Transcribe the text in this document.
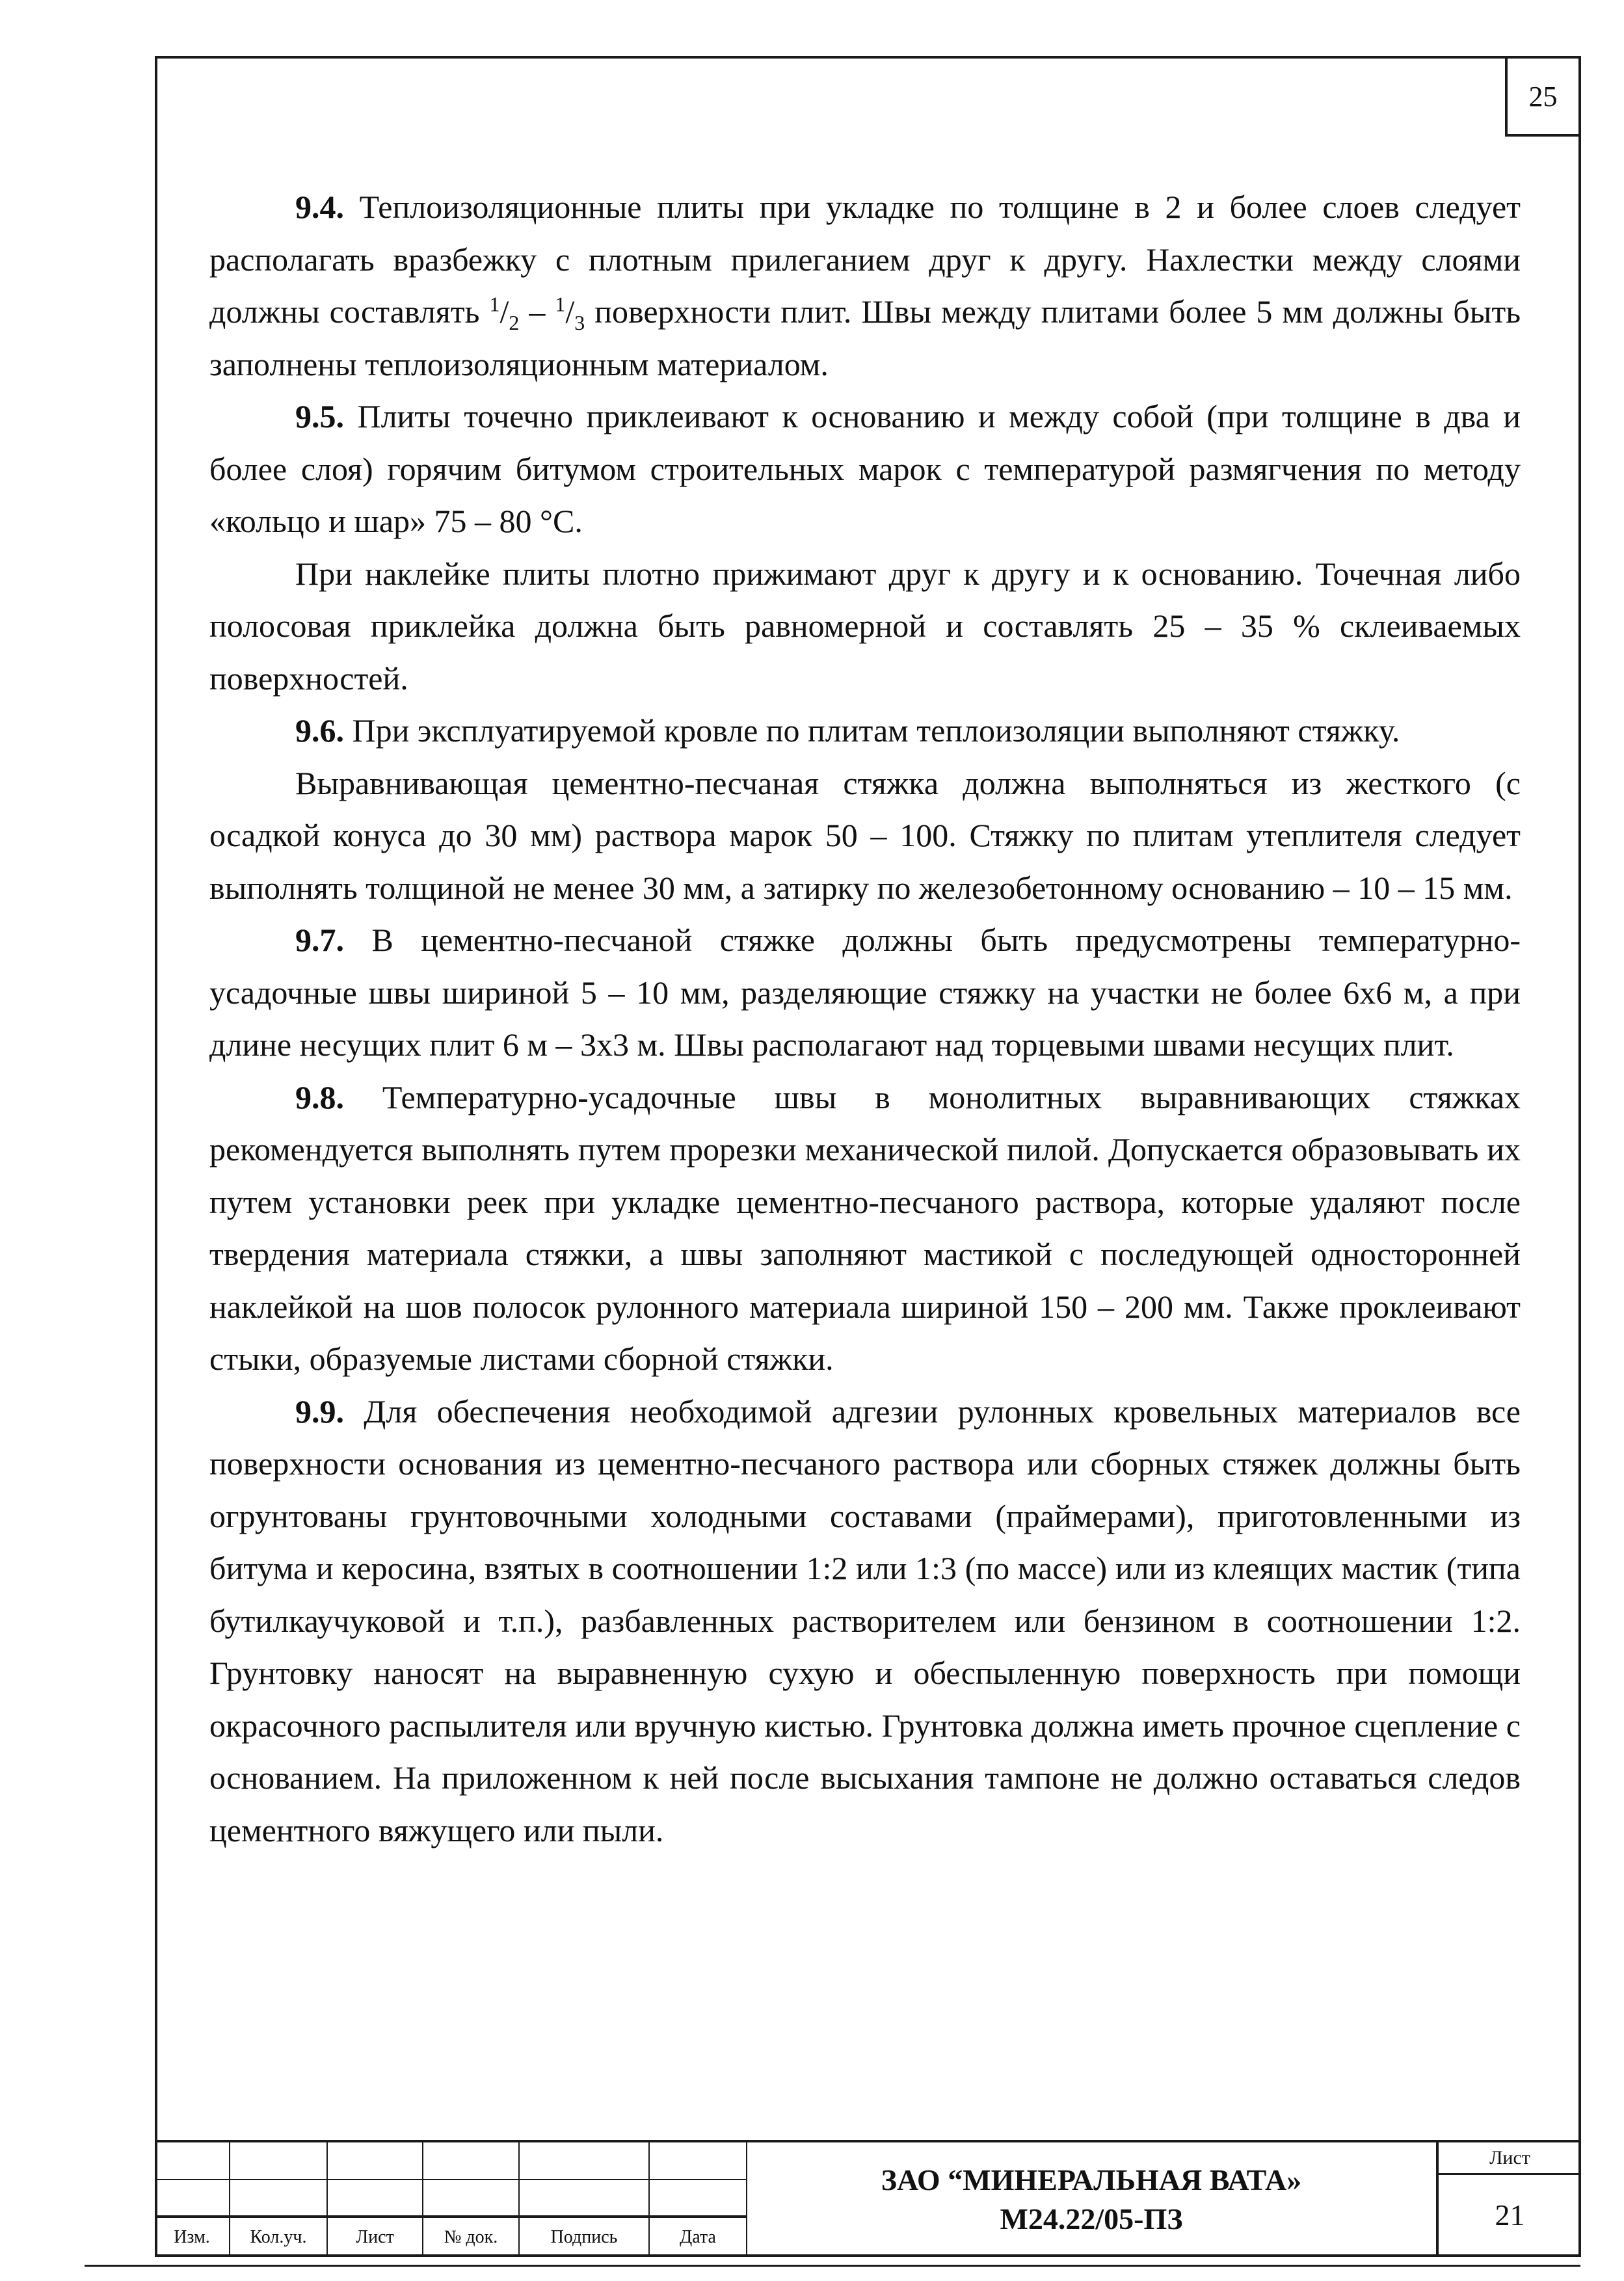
25

9.4. Теплоизоляционные плиты при укладке по толщине в 2 и более слоев следует располагать вразбежку с плотным прилеганием друг к другу. Нахлестки между слоями должны составлять $^1/_2 - ^1/_3$ поверхности плит. Швы между плитами более 5 мм должны быть заполнены теплоизоляционным материалом.

9.5. Плиты точечно приклеивают к основанию и между собой (при толщине в два и более слоя) горячим битумом строительных марок с температурой размягчения по методу «кольцо и шар» 75 – 80 °С.

При наклейке плиты плотно прижимают друг к другу и к основанию. Точечная либо полосовая приклейка должна быть равномерной и составлять 25 – 35 % склеиваемых поверхностей.

9.6. При эксплуатируемой кровле по плитам теплоизоляции выполняют стяжку.

Выравнивающая цементно-песчаная стяжка должна выполняться из жесткого (с осадкой конуса до 30 мм) раствора марок 50 – 100. Стяжку по плитам утеплителя следует выполнять толщиной не менее 30 мм, а затирку по железобетонному основанию – 10 – 15 мм.

9.7. В цементно-песчаной стяжке должны быть предусмотрены температурно-усадочные швы шириной 5 – 10 мм, разделяющие стяжку на участки не более 6х6 м, а при длине несущих плит 6 м – 3х3 м. Швы располагают над торцевыми швами несущих плит.

9.8. Температурно-усадочные швы в монолитных выравнивающих стяжках рекомендуется выполнять путем прорезки механической пилой. Допускается образовывать их путем установки реек при укладке цементно-песчаного раствора, которые удаляют после твердения материала стяжки, а швы заполняют мастикой с последующей односторонней наклейкой на шов полосок рулонного материала шириной 150 – 200 мм. Также проклеивают стыки, образуемые листами сборной стяжки.

9.9. Для обеспечения необходимой адгезии рулонных кровельных материалов все поверхности основания из цементно-песчаного раствора или сборных стяжек должны быть огрунтованы грунтовочными холодными составами (праймерами), приготовленными из битума и керосина, взятых в соотношении 1:2 или 1:3 (по массе) или из клеящих мастик (типа бутилкаучуковой и т.п.), разбавленных растворителем или бензином в соотношении 1:2. Грунтовку наносят на выравненную сухую и обеспыленную поверхность при помощи окрасочного распылителя или вручную кистью. Грунтовка должна иметь прочное сцепление с основанием. На приложенном к ней после высыхания тампоне не должно оставаться следов цементного вяжущего или пыли.

Изм.	Кол.уч.	Лист	№ док.	Подпись	Дата
ЗАО “МИНЕРАЛЬНАЯ ВАТА»
М24.22/05-ПЗ
Лист
21
